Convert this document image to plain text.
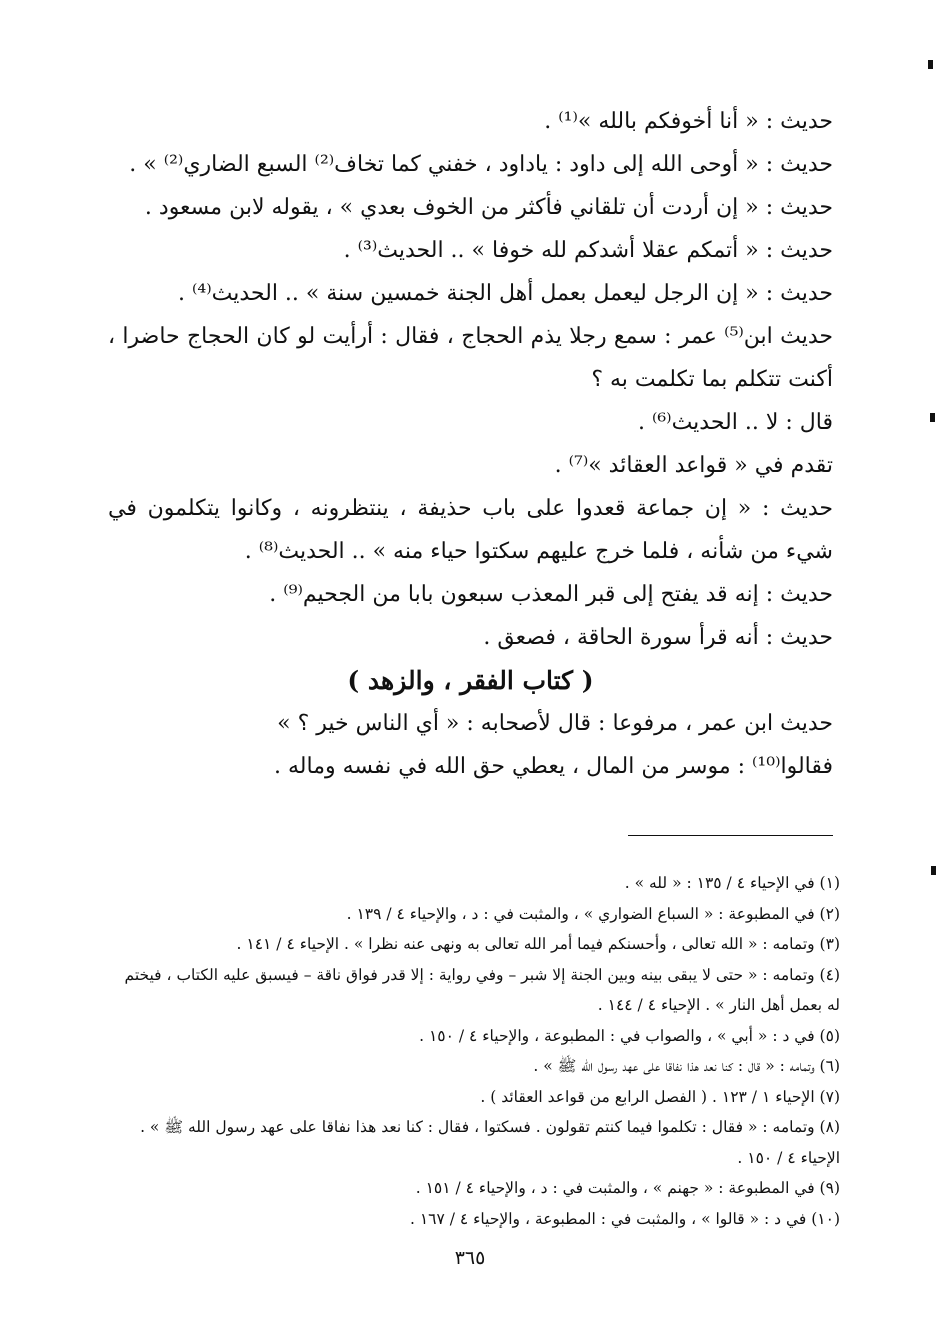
حديث : « أنا أخوفكم بالله »⁽¹⁾ .

حديث : « أوحى الله إلى داود : ياداود ، خفني كما تخاف⁽²⁾ السبع الضاري⁽²⁾ » .

حديث : « إن أردت أن تلقاني فأكثر من الخوف بعدي » ، يقوله لابن مسعود .

حديث : « أتمكم عقلا أشدكم لله خوفا » .. الحديث⁽³⁾ .

حديث : « إن الرجل ليعمل بعمل أهل الجنة خمسين سنة » .. الحديث⁽⁴⁾ .

حديث ابن⁽⁵⁾ عمر : سمع رجلا يذم الحجاج ، فقال : أرأيت لو كان الحجاج حاضرا ، أكنت تتكلم بما تكلمت به ؟

قال : لا .. الحديث⁽⁶⁾ .

تقدم في « قواعد العقائد »⁽⁷⁾ .

حديث : « إن جماعة قعدوا على باب حذيفة ، ينتظرونه ، وكانوا يتكلمون في شيء من شأنه ، فلما خرج عليهم سكتوا حياء منه » .. الحديث⁽⁸⁾ .

حديث : إنه قد يفتح إلى قبر المعذب سبعون بابا من الجحيم⁽⁹⁾ .

حديث : أنه قرأ سورة الحاقة ، فصعق .

( كتاب الفقر ، والزهد )

حديث ابن عمر ، مرفوعا : قال لأصحابه : « أي الناس خير ؟ »

فقالوا⁽¹⁰⁾ : موسر من المال ، يعطي حق الله في نفسه وماله .

(١) في الإحياء ٤ / ١٣٥ : « لله » .

(٢) في المطبوعة : « السباع الضواري » ، والمثبت في : د ، والإحياء ٤ / ١٣٩ .

(٣) وتمامه : « الله تعالى ، وأحسنكم فيما أمر الله تعالى به ونهى عنه نظرا » . الإحياء ٤ / ١٤١ .

(٤) وتمامه : « حتى لا يبقى بينه وبين الجنة إلا شبر – وفي رواية : إلا قدر فواق ناقة – فيسبق عليه الكتاب ، فيختم له بعمل أهل النار » . الإحياء ٤ / ١٤٤ .

(٥) في د : « أبي » ، والصواب في : المطبوعة ، والإحياء ٤ / ١٥٠ .

(٦) وتمامه : « قال : كنا نعد هذا نفاقا على عهد رسول الله ﷺ » .

(٧) الإحياء ١ / ١٢٣ . ( الفصل الرابع من قواعد العقائد ) .

(٨) وتمامه : « فقال : تكلموا فيما كنتم تقولون . فسكتوا ، فقال : كنا نعد هذا نفاقا على عهد رسول الله ﷺ » . الإحياء ٤ / ١٥٠ .

(٩) في المطبوعة : « جهنم » ، والمثبت في : د ، والإحياء ٤ / ١٥١ .

(١٠) في د : « قالوا » ، والمثبت في : المطبوعة ، والإحياء ٤ / ١٦٧ .

٣٦٥
